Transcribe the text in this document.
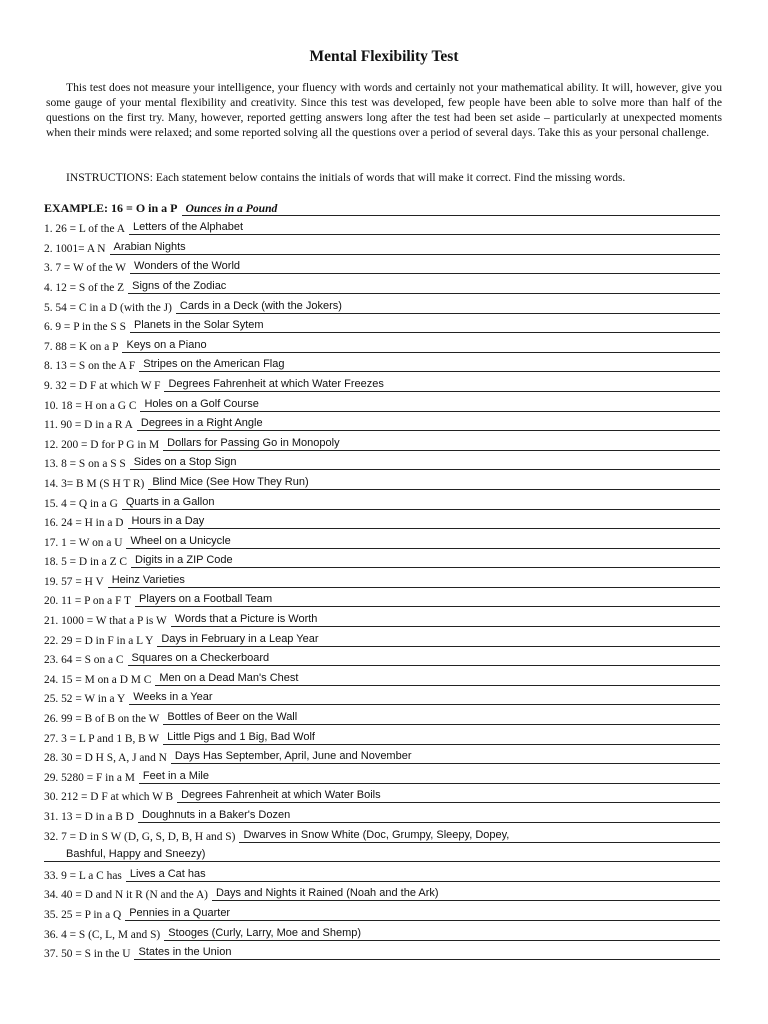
Mental Flexibility Test

This test does not measure your intelligence, your fluency with words and certainly not your mathematical ability. It will, however, give you some gauge of your mental flexibility and creativity. Since this test was developed, few people have been able to solve more than half of the questions on the first try. Many, however, reported getting answers long after the test had been set aside – particularly at unexpected moments when their minds were relaxed; and some reported solving all the questions over a period of several days. Take this as your personal challenge.

INSTRUCTIONS: Each statement below contains the initials of words that will make it correct. Find the missing words.

EXAMPLE: 16 = O in a P Ounces in a Pound
1. 26 = L of the A Letters of the Alphabet
2. 1001= A N Arabian Nights
3. 7 = W of the W Wonders of the World
4. 12 = S of the Z Signs of the Zodiac
5. 54 = C in a D (with the J) Cards in a Deck (with the Jokers)
6. 9 = P in the S S Planets in the Solar Sytem
7. 88 = K on a P Keys on a Piano
8. 13 = S on the A F Stripes on the American Flag
9. 32 = D F at which W F Degrees Fahrenheit at which Water Freezes
10. 18 = H on a G C Holes on a Golf Course
11. 90 = D in a R A Degrees in a Right Angle
12. 200 = D for P G in M Dollars for Passing Go in Monopoly
13. 8 = S on a S S Sides on a Stop Sign
14. 3= B M (S H T R) Blind Mice (See How They Run)
15. 4 = Q in a G Quarts in a Gallon
16. 24 = H in a D Hours in a Day
17. 1 = W on a U Wheel on a Unicycle
18. 5 = D in a Z C Digits in a ZIP Code
19. 57 = H V Heinz Varieties
20. 11 = P on a F T Players on a Football Team
21. 1000 = W that a P is W Words that a Picture is Worth
22. 29 = D in F in a L Y Days in February in a Leap Year
23. 64 = S on a C Squares on a Checkerboard
24. 15 = M on a D M C Men on a Dead Man's Chest
25. 52 = W in a Y Weeks in a Year
26. 99 = B of B on the W Bottles of Beer on the Wall
27. 3 = L P and 1 B, B W Little Pigs and 1 Big, Bad Wolf
28. 30 = D H S, A, J and N Days Has September, April, June and November
29. 5280 = F in a M Feet in a Mile
30. 212 = D F at which W B Degrees Fahrenheit at which Water Boils
31. 13 = D in a B D Doughnuts in a Baker's Dozen
32. 7 = D in S W (D, G, S, D, B, H and S) Dwarves in Snow White (Doc, Grumpy, Sleepy, Dopey,
Bashful, Happy and Sneezy)
33. 9 = L a C has Lives a Cat has
34. 40 = D and N it R (N and the A) Days and Nights it Rained (Noah and the Ark)
35. 25 = P in a Q Pennies in a Quarter
36. 4 = S (C, L, M and S) Stooges (Curly, Larry, Moe and Shemp)
37. 50 = S in the U States in the Union
